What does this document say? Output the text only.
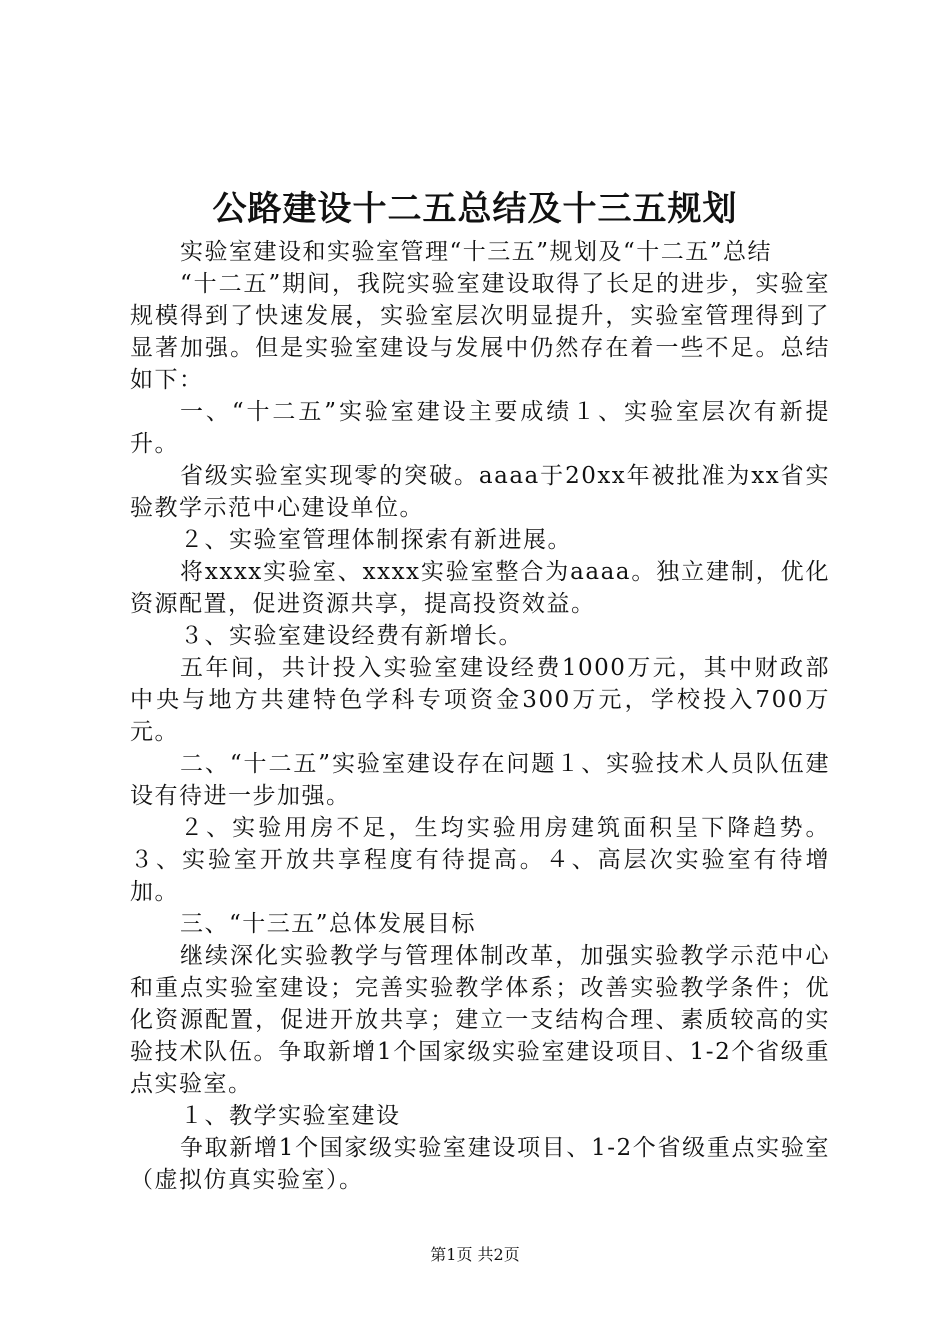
公路建设十二五总结及十三五规划

实验室建设和实验室管理“十三五”规划及“十二五”总结

“十二五”期间，我院实验室建设取得了长足的进步，实验室规模得到了快速发展，实验室层次明显提升，实验室管理得到了显著加强。但是实验室建设与发展中仍然存在着一些不足。总结如下：

一、“十二五”实验室建设主要成绩１、实验室层次有新提升。

省级实验室实现零的突破。aaaa于20xx年被批准为xx省实验教学示范中心建设单位。

２、实验室管理体制探索有新进展。

将xxxx实验室、xxxx实验室整合为aaaa。独立建制，优化资源配置，促进资源共享，提高投资效益。

３、实验室建设经费有新增长。

五年间，共计投入实验室建设经费1000万元，其中财政部中央与地方共建特色学科专项资金300万元，学校投入700万元。

二、“十二五”实验室建设存在问题１、实验技术人员队伍建设有待进一步加强。

２、实验用房不足，生均实验用房建筑面积呈下降趋势。３、实验室开放共享程度有待提高。４、高层次实验室有待增加。

三、“十三五”总体发展目标

继续深化实验教学与管理体制改革，加强实验教学示范中心和重点实验室建设；完善实验教学体系；改善实验教学条件；优化资源配置，促进开放共享；建立一支结构合理、素质较高的实验技术队伍。争取新增1个国家级实验室建设项目、1-2个省级重点实验室。

１、教学实验室建设

争取新增1个国家级实验室建设项目、1-2个省级重点实验室（虚拟仿真实验室）。

第1页 共2页
